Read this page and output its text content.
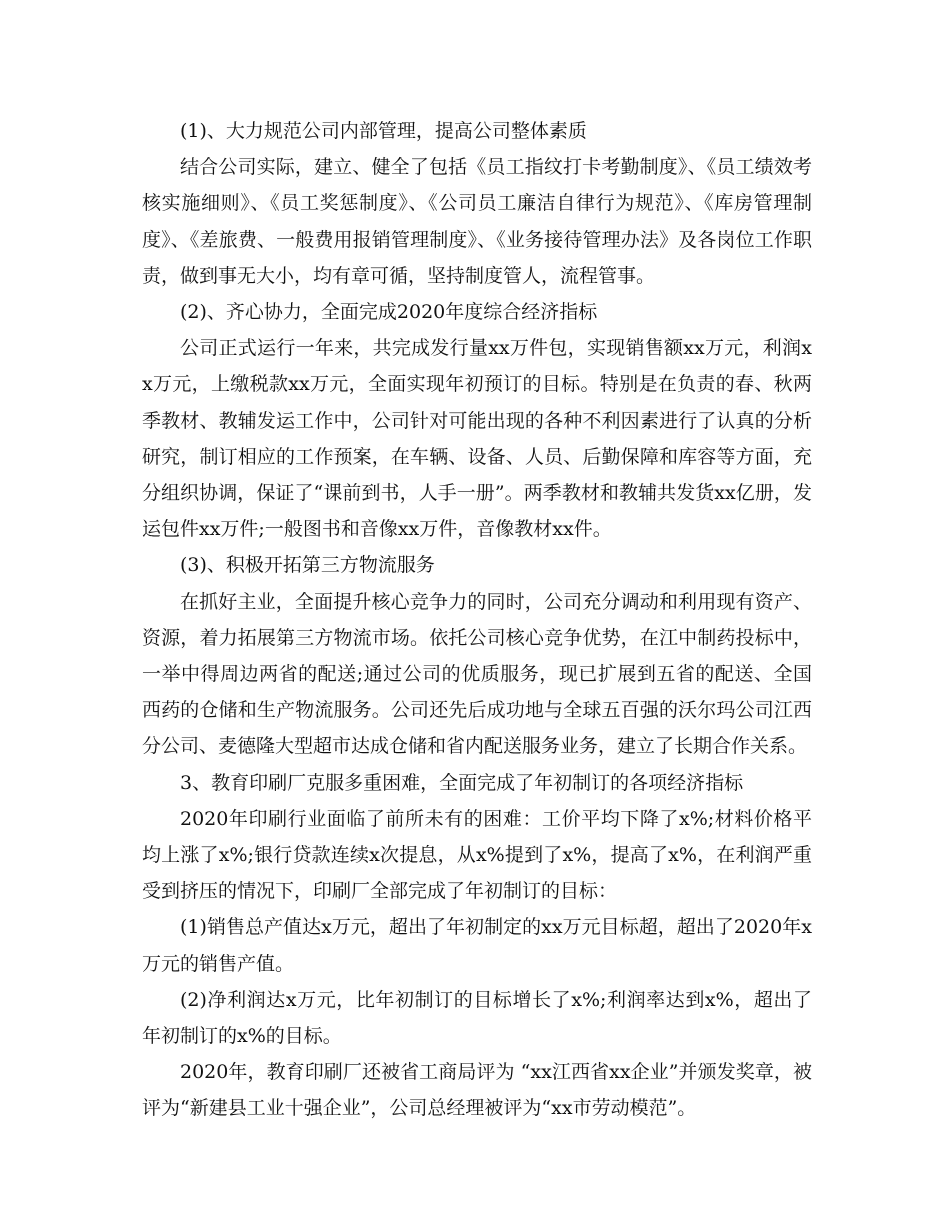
(1)、大力规范公司内部管理，提高公司整体素质

结合公司实际，建立、健全了包括《员工指纹打卡考勤制度》、《员工绩效考核实施细则》、《员工奖惩制度》、《公司员工廉洁自律行为规范》、《库房管理制度》、《差旅费、一般费用报销管理制度》、《业务接待管理办法》及各岗位工作职责，做到事无大小，均有章可循，坚持制度管人，流程管事。

(2)、齐心协力，全面完成2020年度综合经济指标

公司正式运行一年来，共完成发行量xx万件包，实现销售额xx万元，利润xx万元，上缴税款xx万元，全面实现年初预订的目标。特别是在负责的春、秋两季教材、教辅发运工作中，公司针对可能出现的各种不利因素进行了认真的分析研究，制订相应的工作预案，在车辆、设备、人员、后勤保障和库容等方面，充分组织协调，保证了“课前到书，人手一册”。两季教材和教辅共发货xx亿册，发运包件xx万件;一般图书和音像xx万件，音像教材xx件。

(3)、积极开拓第三方物流服务

在抓好主业，全面提升核心竞争力的同时，公司充分调动和利用现有资产、资源，着力拓展第三方物流市场。依托公司核心竞争优势，在江中制药投标中，一举中得周边两省的配送;通过公司的优质服务，现已扩展到五省的配送、全国西药的仓储和生产物流服务。公司还先后成功地与全球五百强的沃尔玛公司江西分公司、麦德隆大型超市达成仓储和省内配送服务业务，建立了长期合作关系。

3、教育印刷厂克服多重困难，全面完成了年初制订的各项经济指标

2020年印刷行业面临了前所未有的困难：工价平均下降了x%;材料价格平均上涨了x%;银行贷款连续x次提息，从x%提到了x%，提高了x%，在利润严重受到挤压的情况下，印刷厂全部完成了年初制订的目标：

(1)销售总产值达x万元，超出了年初制定的xx万元目标超，超出了2020年x万元的销售产值。

(2)净利润达x万元，比年初制订的目标增长了x%;利润率达到x%，超出了年初制订的x%的目标。

2020年，教育印刷厂还被省工商局评为 “xx江西省xx企业”并颁发奖章，被评为“新建县工业十强企业”，公司总经理被评为“xx市劳动模范”。
